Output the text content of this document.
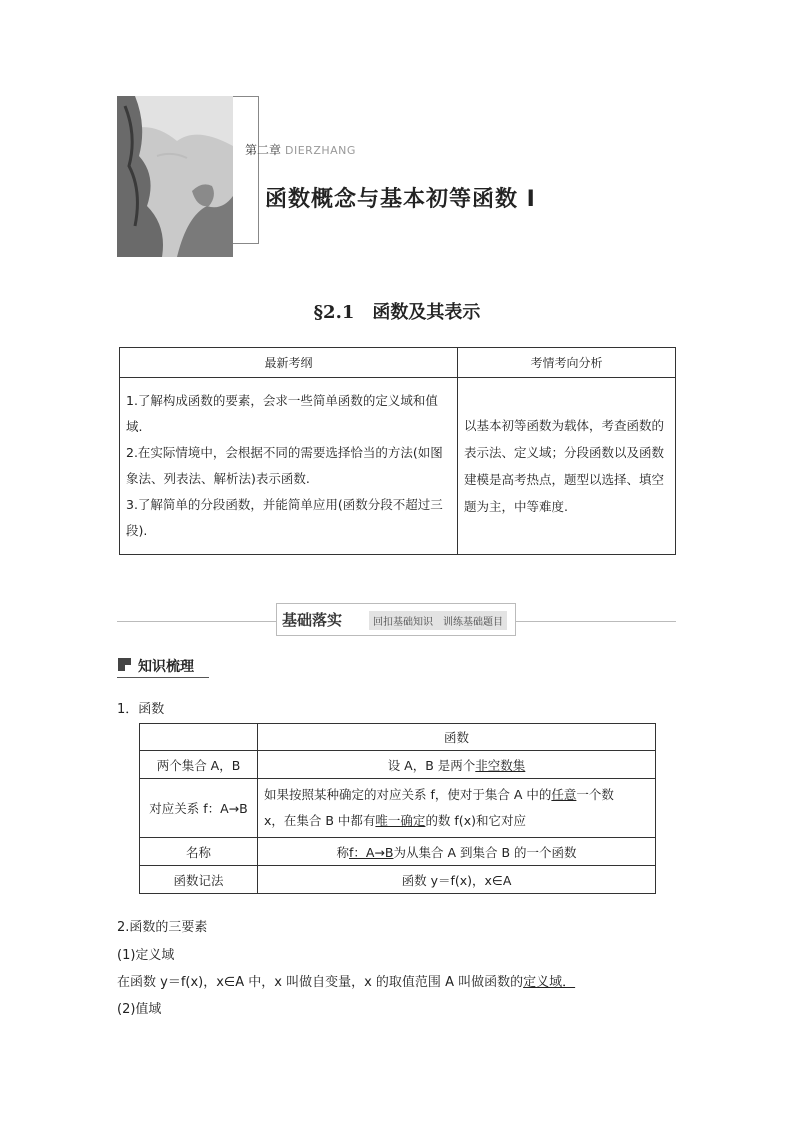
第二章 DIERZHANG
函数概念与基本初等函数 Ⅰ
§2.1　函数及其表示
最新考纲	考情考向分析

1.了解构成函数的要素，会求一些简单函数的定义域和值域.
2.在实际情境中，会根据不同的需要选择恰当的方法(如图象法、列表法、解析法)表示函数.
3.了解简单的分段函数，并能简单应用(函数分段不超过三段).	以基本初等函数为载体，考查函数的表示法、定义域；分段函数以及函数建模是高考热点，题型以选择、填空题为主，中等难度.
基础落实	回扣基础知识　训练基础题目
知识梳理
1．函数
	函数
两个集合 A，B	设 A，B 是两个非空数集
对应关系 f：A→B	如果按照某种确定的对应关系 f，使对于集合 A 中的任意一个数
x，在集合 B 中都有唯一确定的数 f(x)和它对应

名称	称f：A→B为从集合 A 到集合 B 的一个函数
函数记法	函数 y＝f(x)，x∈A
2.函数的三要素
(1)定义域
在函数 y＝f(x)，x∈A 中，x 叫做自变量，x 的取值范围 A 叫做函数的定义域．
(2)值域
